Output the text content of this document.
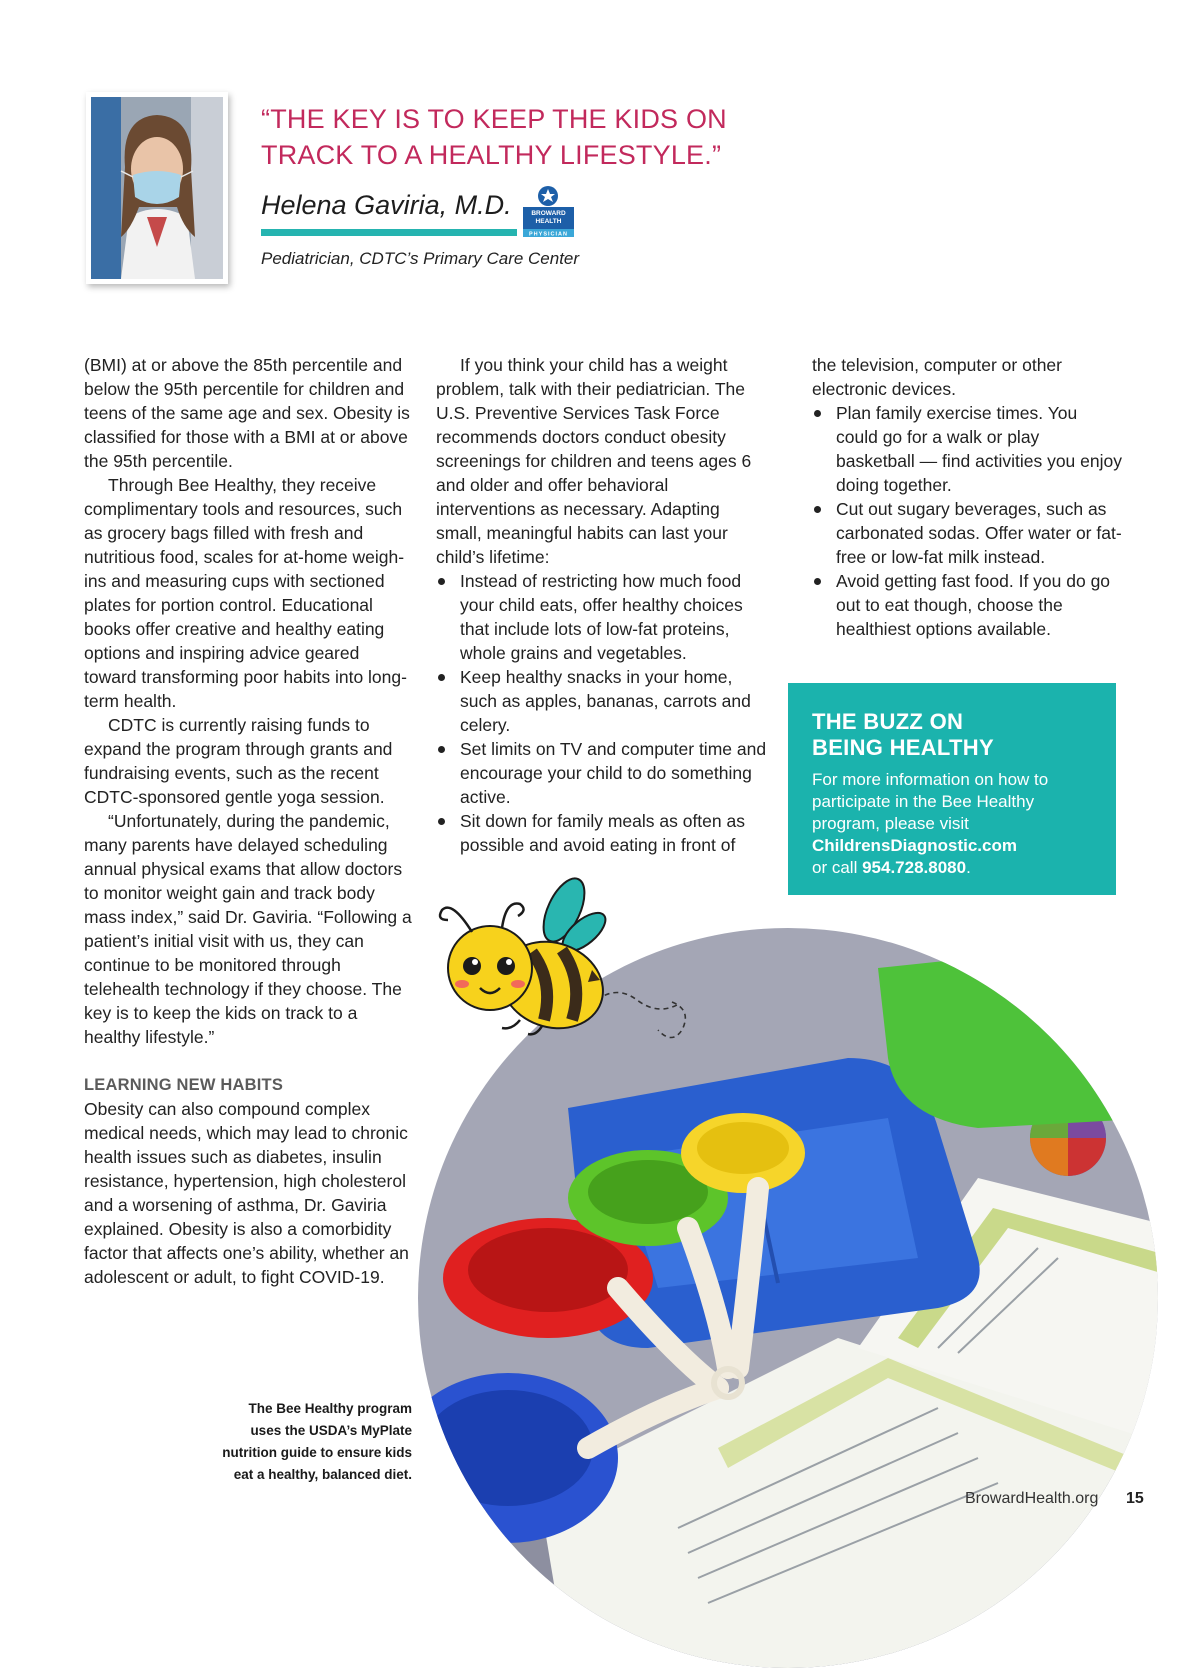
“THE KEY IS TO KEEP THE KIDS ON
TRACK TO A HEALTHY LIFESTYLE.”
Helena Gaviria, M.D.	BROWARD
HEALTH
PHYSICIAN
Pediatrician, CDTC’s Primary Care Center

(BMI) at or above the 85th percentile and below the 95th percentile for children and teens of the same age and sex. Obesity is classified for those with a BMI at or above the 95th percentile.

Through Bee Healthy, they receive complimentary tools and resources, such as grocery bags filled with fresh and nutritious food, scales for at-home weigh-ins and measuring cups with sectioned plates for portion control. Educational books offer creative and healthy eating options and inspiring advice geared toward transforming poor habits into long-term health.

CDTC is currently raising funds to expand the program through grants and fundraising events, such as the recent CDTC-sponsored gentle yoga session.

“Unfortunately, during the pandemic, many parents have delayed scheduling annual physical exams that allow doctors to monitor weight gain and track body mass index,” said Dr. Gaviria. “Following a patient’s initial visit with us, they can continue to be monitored through telehealth technology if they choose. The key is to keep the kids on track to a healthy lifestyle.”

LEARNING NEW HABITS

Obesity can also compound complex medical needs, which may lead to chronic health issues such as diabetes, insulin resistance, hypertension, high cholesterol and a worsening of asthma, Dr. Gaviria explained. Obesity is also a comorbidity factor that affects one’s ability, whether an adolescent or adult, to fight COVID-19.

If you think your child has a weight problem, talk with their pediatrician. The U.S. Preventive Services Task Force recommends doctors conduct obesity screenings for children and teens ages 6 and older and offer behavioral interventions as necessary. Adapting small, meaningful habits can last your child’s lifetime:

Instead of restricting how much food your child eats, offer healthy choices that include lots of low-fat proteins, whole grains and vegetables.
Keep healthy snacks in your home, such as apples, bananas, carrots and celery.
Set limits on TV and computer time and encourage your child to do something active.
Sit down for family meals as often as possible and avoid eating in front of

the television, computer or other electronic devices.

Plan family exercise times. You could go for a walk or play basketball — find activities you enjoy doing together.
Cut out sugary beverages, such as carbonated sodas. Offer water or fat-free or low-fat milk instead.
Avoid getting fast food. If you do go out to eat though, choose the healthiest options available.
THE BUZZ ON
BEING HEALTHY
For more information on how to participate in the Bee Healthy program, please visit ChildrensDiagnostic.com
or call 954.728.8080.
The Bee Healthy program uses the USDA’s MyPlate nutrition guide to ensure kids eat a healthy, balanced diet.
BrowardHealth.org 15
